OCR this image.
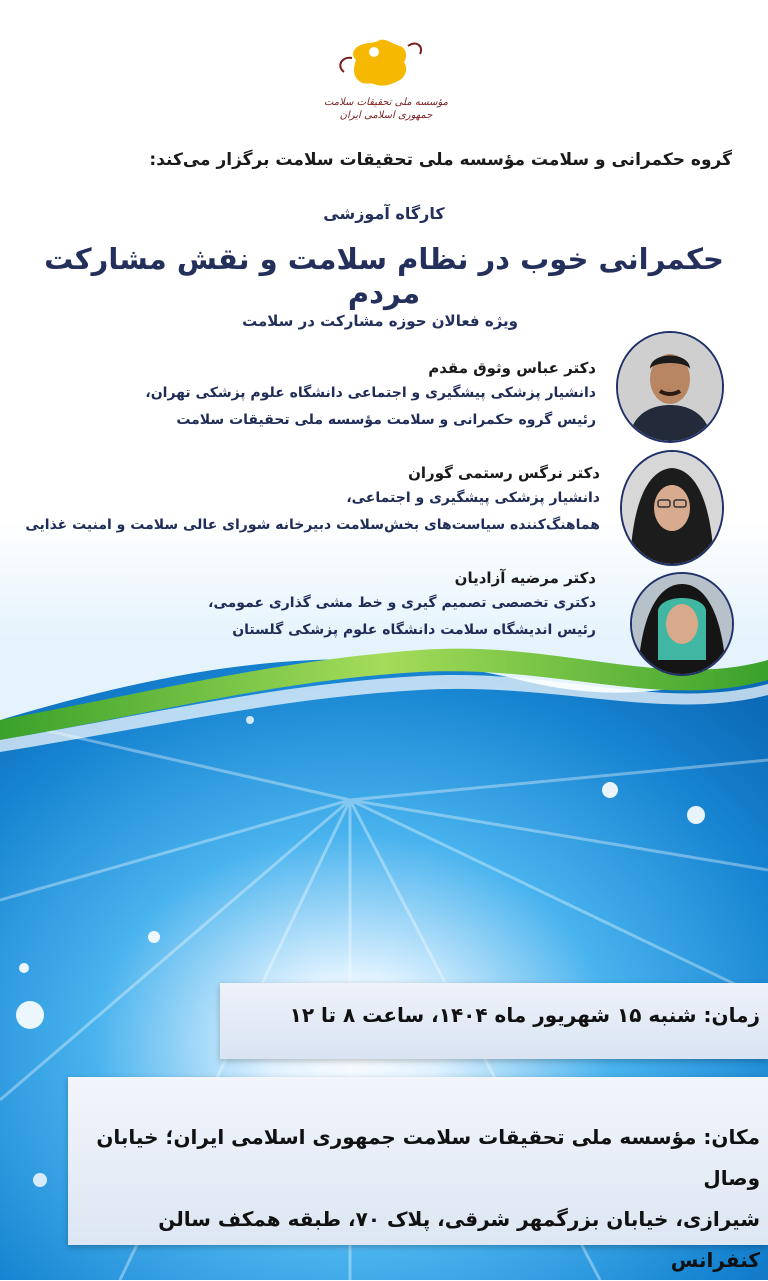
مؤسسه ملی تحقیقات سلامت
جمهوری اسلامی ایران
گروه حکمرانی و سلامت مؤسسه ملی تحقیقات سلامت برگزار می‌کند:
کارگاه آموزشی
حکمرانی خوب در نظام سلامت و نقش مشارکت مردم
ویژه فعالان حوزه مشارکت در سلامت
دکتر عباس وثوق مقدم
دانشیار پزشکی پیشگیری و اجتماعی دانشگاه علوم پزشکی تهران،
رئیس گروه حکمرانی و سلامت مؤسسه ملی تحقیقات سلامت
دکتر نرگس رستمی گوران
دانشیار پزشکی پیشگیری و اجتماعی،
هماهنگ‌کننده سیاست‌های بخش‌سلامت دبیرخانه شورای عالی سلامت و امنیت غذایی
دکتر مرضیه آزادیان
دکتری تخصصی تصمیم گیری و خط مشی گذاری عمومی،
رئیس اندیشگاه سلامت دانشگاه علوم پزشکی گلستان
زمان: شنبه ۱۵ شهریور ماه ۱۴۰۴، ساعت ۸ تا ۱۲
مکان: مؤسسه ملی تحقیقات سلامت جمهوری اسلامی ایران؛ خیابان وصال
شیرازی، خیابان بزرگمهر شرقی، پلاک ۷۰، طبقه همکف سالن کنفرانس
